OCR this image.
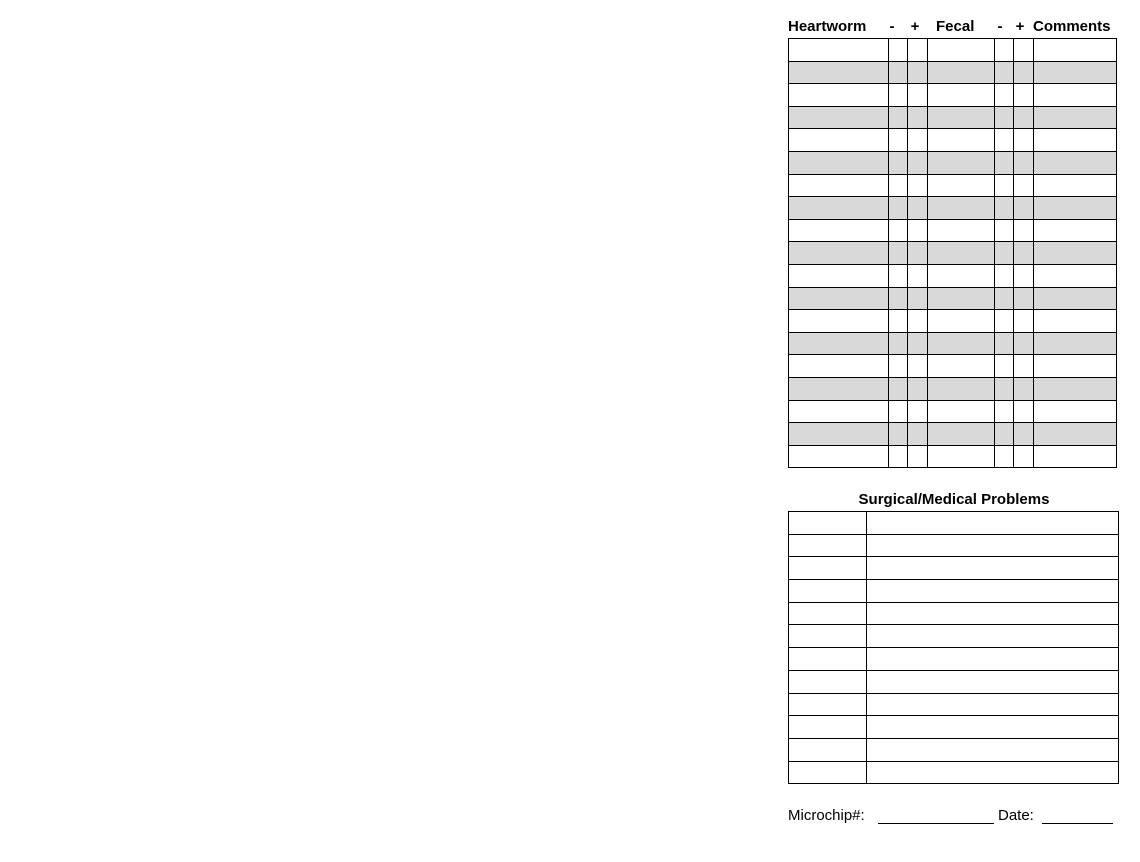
Heartworm - + Fecal - + Comments

Surgical/Medical Problems

Microchip#:	Date:
